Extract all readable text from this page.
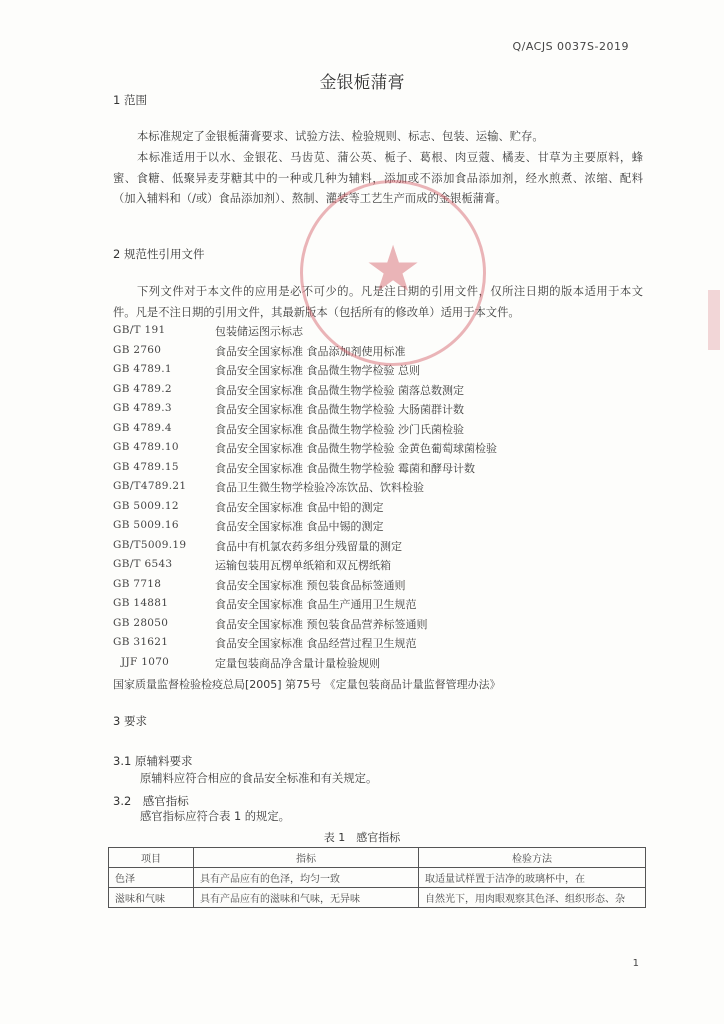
Q/ACJS 0037S-2019

金银栀蒲膏

1 范围

本标准规定了金银栀蒲膏要求、试验方法、检验规则、标志、包装、运输、贮存。

本标准适用于以水、金银花、马齿苋、蒲公英、栀子、葛根、肉豆蔻、橘麦、甘草为主要原料，蜂蜜、食糖、低聚异麦芽糖其中的一种或几种为辅料，添加或不添加食品添加剂，经水煎煮、浓缩、配料（加入辅料和（/或）食品添加剂）、熬制、灌装等工艺生产而成的金银栀蒲膏。

2 规范性引用文件

下列文件对于本文件的应用是必不可少的。凡是注日期的引用文件，仅所注日期的版本适用于本文件。凡是不注日期的引用文件，其最新版本（包括所有的修改单）适用于本文件。

GB/T 191	包装储运图示标志
GB 2760	食品安全国家标准 食品添加剂使用标准
GB 4789.1	食品安全国家标准 食品微生物学检验 总则
GB 4789.2	食品安全国家标准 食品微生物学检验 菌落总数测定
GB 4789.3	食品安全国家标准 食品微生物学检验 大肠菌群计数
GB 4789.4	食品安全国家标准 食品微生物学检验 沙门氏菌检验
GB 4789.10	食品安全国家标准 食品微生物学检验 金黄色葡萄球菌检验
GB 4789.15	食品安全国家标准 食品微生物学检验 霉菌和酵母计数
GB/T4789.21	食品卫生微生物学检验冷冻饮品、饮料检验
GB 5009.12	食品安全国家标准 食品中铅的测定
GB 5009.16	食品安全国家标准 食品中锡的测定
GB/T5009.19	食品中有机氯农药多组分残留量的测定
GB/T 6543	运输包装用瓦楞单纸箱和双瓦楞纸箱
GB 7718	食品安全国家标准 预包装食品标签通则
GB 14881	食品安全国家标准 食品生产通用卫生规范
GB 28050	食品安全国家标准 预包装食品营养标签通则
GB 31621	食品安全国家标准 食品经营过程卫生规范
JJF 1070	定量包装商品净含量计量检验规则

国家质量监督检验检疫总局[2005] 第75号 《定量包装商品计量监督管理办法》

3 要求

3.1 原辅料要求

原辅料应符合相应的食品安全标准和有关规定。

3.2　感官指标

感官指标应符合表 1 的规定。

表 1　感官指标

项目	指标	检验方法
色泽	具有产品应有的色泽，均匀一致	取适量试样置于洁净的玻璃杯中，在
滋味和气味	具有产品应有的滋味和气味，无异味	自然光下，用肉眼观察其色泽、组织形态、杂
★

1
